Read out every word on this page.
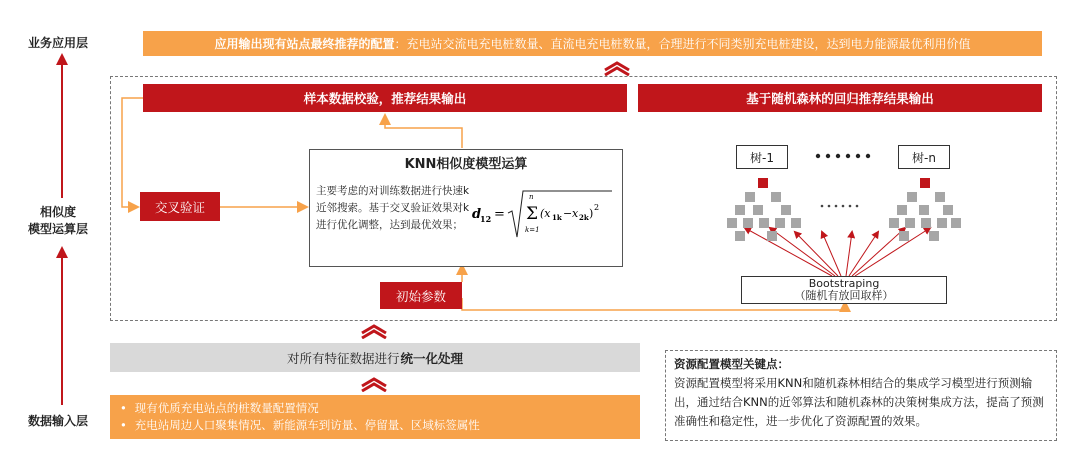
业务应用层
相似度
模型运算层
数据输入层
应用输出现有站点最终推荐的配置 ：充电站交流电充电桩数量、直流电充电桩数量，合理进行不同类别充电桩建设，达到电力能源最优利用价值
样本数据校验，推荐结果输出	基于随机森林的回归推荐结果输出
交叉验证
KNN相似度模型运算
主要考虑的对训练数据进行快速k近邻搜索。基于交叉验证效果对k进行优化调整，达到最优效果；
d
12 = Σ
n
k=1
(x 1k − x 2k ) 2
初始参数
树-1	树-n
Bootstraping
（随机有放回取样）
对所有特征数据进行 统一化处理
• 现有优质充电站点的桩数量配置情况
• 充电站周边人口聚集情况、新能源车到访量、停留量、区域标签属性
资源配置模型关键点：
资源配置模型将采用KNN和随机森林相结合的集成学习模型进行预测输出，通过结合KNN的近邻算法和随机森林的决策树集成方法，提高了预测准确性和稳定性，进一步优化了资源配置的效果。
